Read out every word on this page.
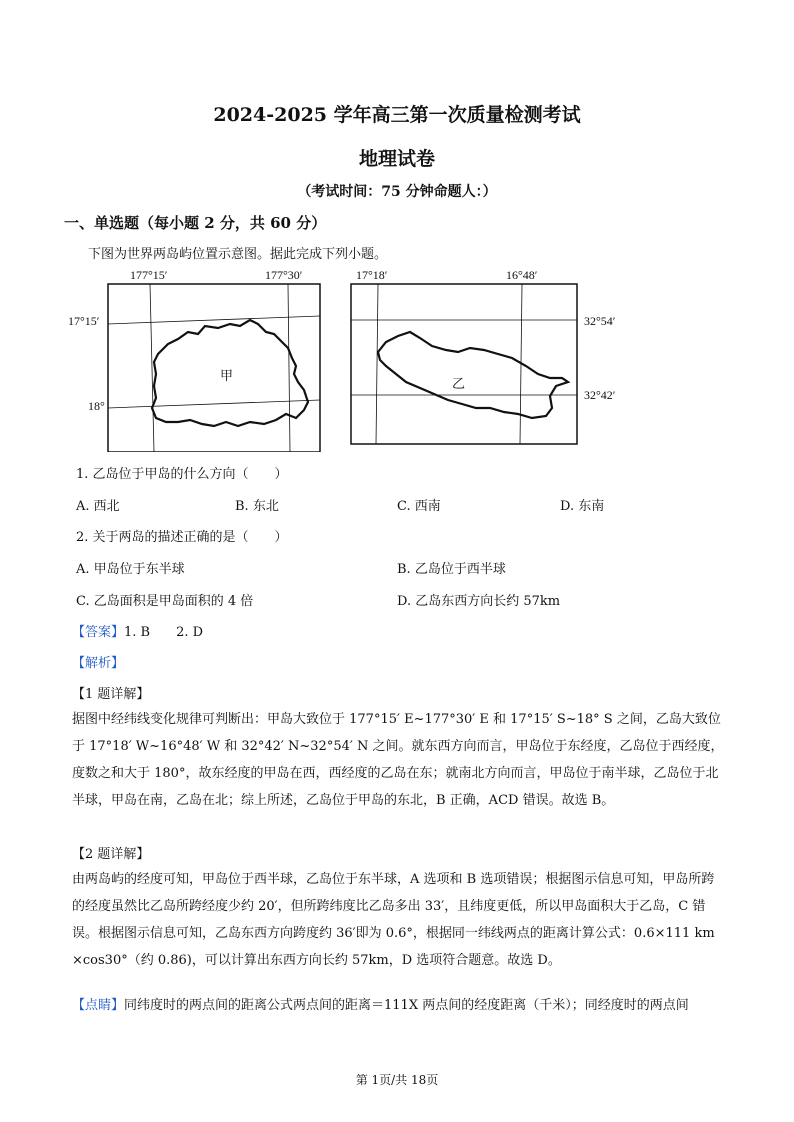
2024-2025 学年高三第一次质量检测考试
地理试卷
（考试时间：75 分钟命题人：）
一、单选题（每小题 2 分，共 60 分）
下图为世界两岛屿位置示意图。据此完成下列小题。
177°15′	177°30′
17°15′
18°
甲
17°18′	16°48′
32°54′
32°42′
乙
1. 乙岛位于甲岛的什么方向（　　）
A. 西北	B. 东北	C. 西南	D. 东南
2. 关于两岛的描述正确的是（　　）
A. 甲岛位于东半球	B. 乙岛位于西半球
C. 乙岛面积是甲岛面积的 4 倍	D. 乙岛东西方向长约 57km
【答案】1. B　　2. D
【解析】
【1 题详解】
据图中经纬线变化规律可判断出：甲岛大致位于 177°15′ E~177°30′ E 和 17°15′ S~18° S 之间，乙岛大致位于 17°18′ W~16°48′ W 和 32°42′ N~32°54′ N 之间。就东西方向而言，甲岛位于东经度，乙岛位于西经度，度数之和大于 180°，故东经度的甲岛在西，西经度的乙岛在东；就南北方向而言，甲岛位于南半球，乙岛位于北半球，甲岛在南，乙岛在北；综上所述，乙岛位于甲岛的东北，B 正确，ACD 错误。故选 B。
【2 题详解】
由两岛屿的经度可知，甲岛位于西半球，乙岛位于东半球，A 选项和 B 选项错误；根据图示信息可知，甲岛所跨的经度虽然比乙岛所跨经度少约 20′，但所跨纬度比乙岛多出 33′，且纬度更低，所以甲岛面积大于乙岛，C 错误。根据图示信息可知，乙岛东西方向跨度约 36′即为 0.6°，根据同一纬线两点的距离计算公式：0.6×111 km×cos30°（约 0.86)，可以计算出东西方向长约 57km，D 选项符合题意。故选 D。
【点睛】同纬度时的两点间的距离公式两点间的距离＝111X 两点间的经度距离（千米）；同经度时的两点间
第 1页/共 18页
